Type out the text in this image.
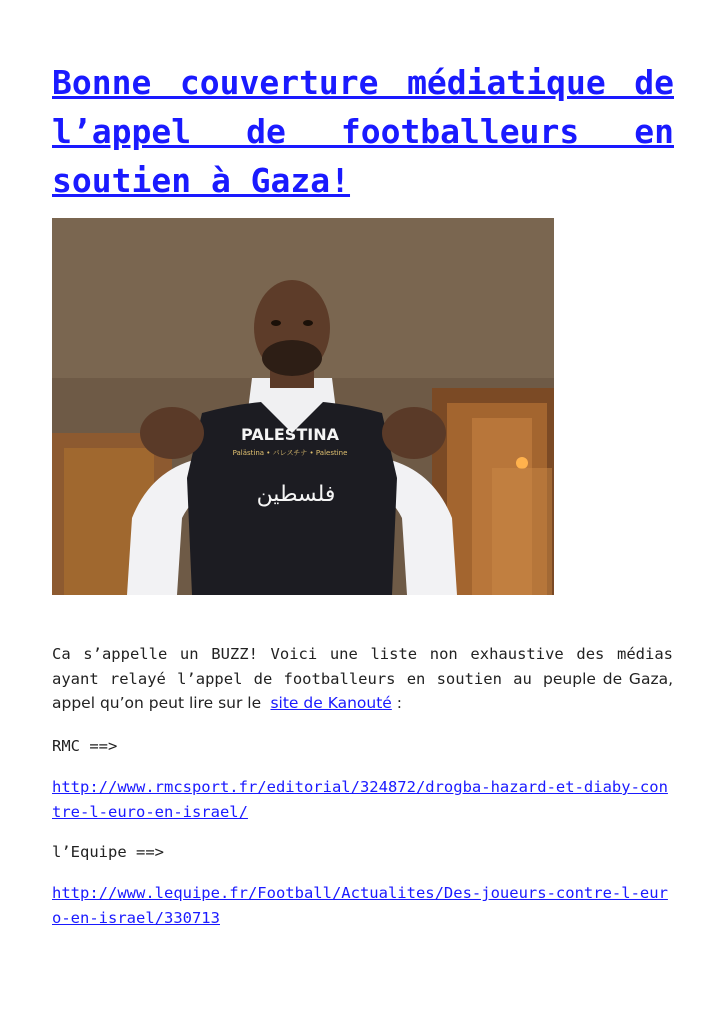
Bonne couverture médiatique de l’appel de footballeurs en soutien à Gaza!
PALESTINA
Palästina • パレスチナ • Palestine
فلسطين

Ca s’appelle un BUZZ! Voici une liste non exhaustive des médias ayant relayé l’appel de footballeurs en soutien au peuple de Gaza, appel qu’on peut lire sur le site de Kanouté :

RMC ==>

http://www.rmcsport.fr/editorial/324872/drogba-hazard-et-diaby-contre-l-euro-en-israel/

l’Equipe ==>

http://www.lequipe.fr/Football/Actualites/Des-joueurs-contre-l-euro-en-israel/330713
